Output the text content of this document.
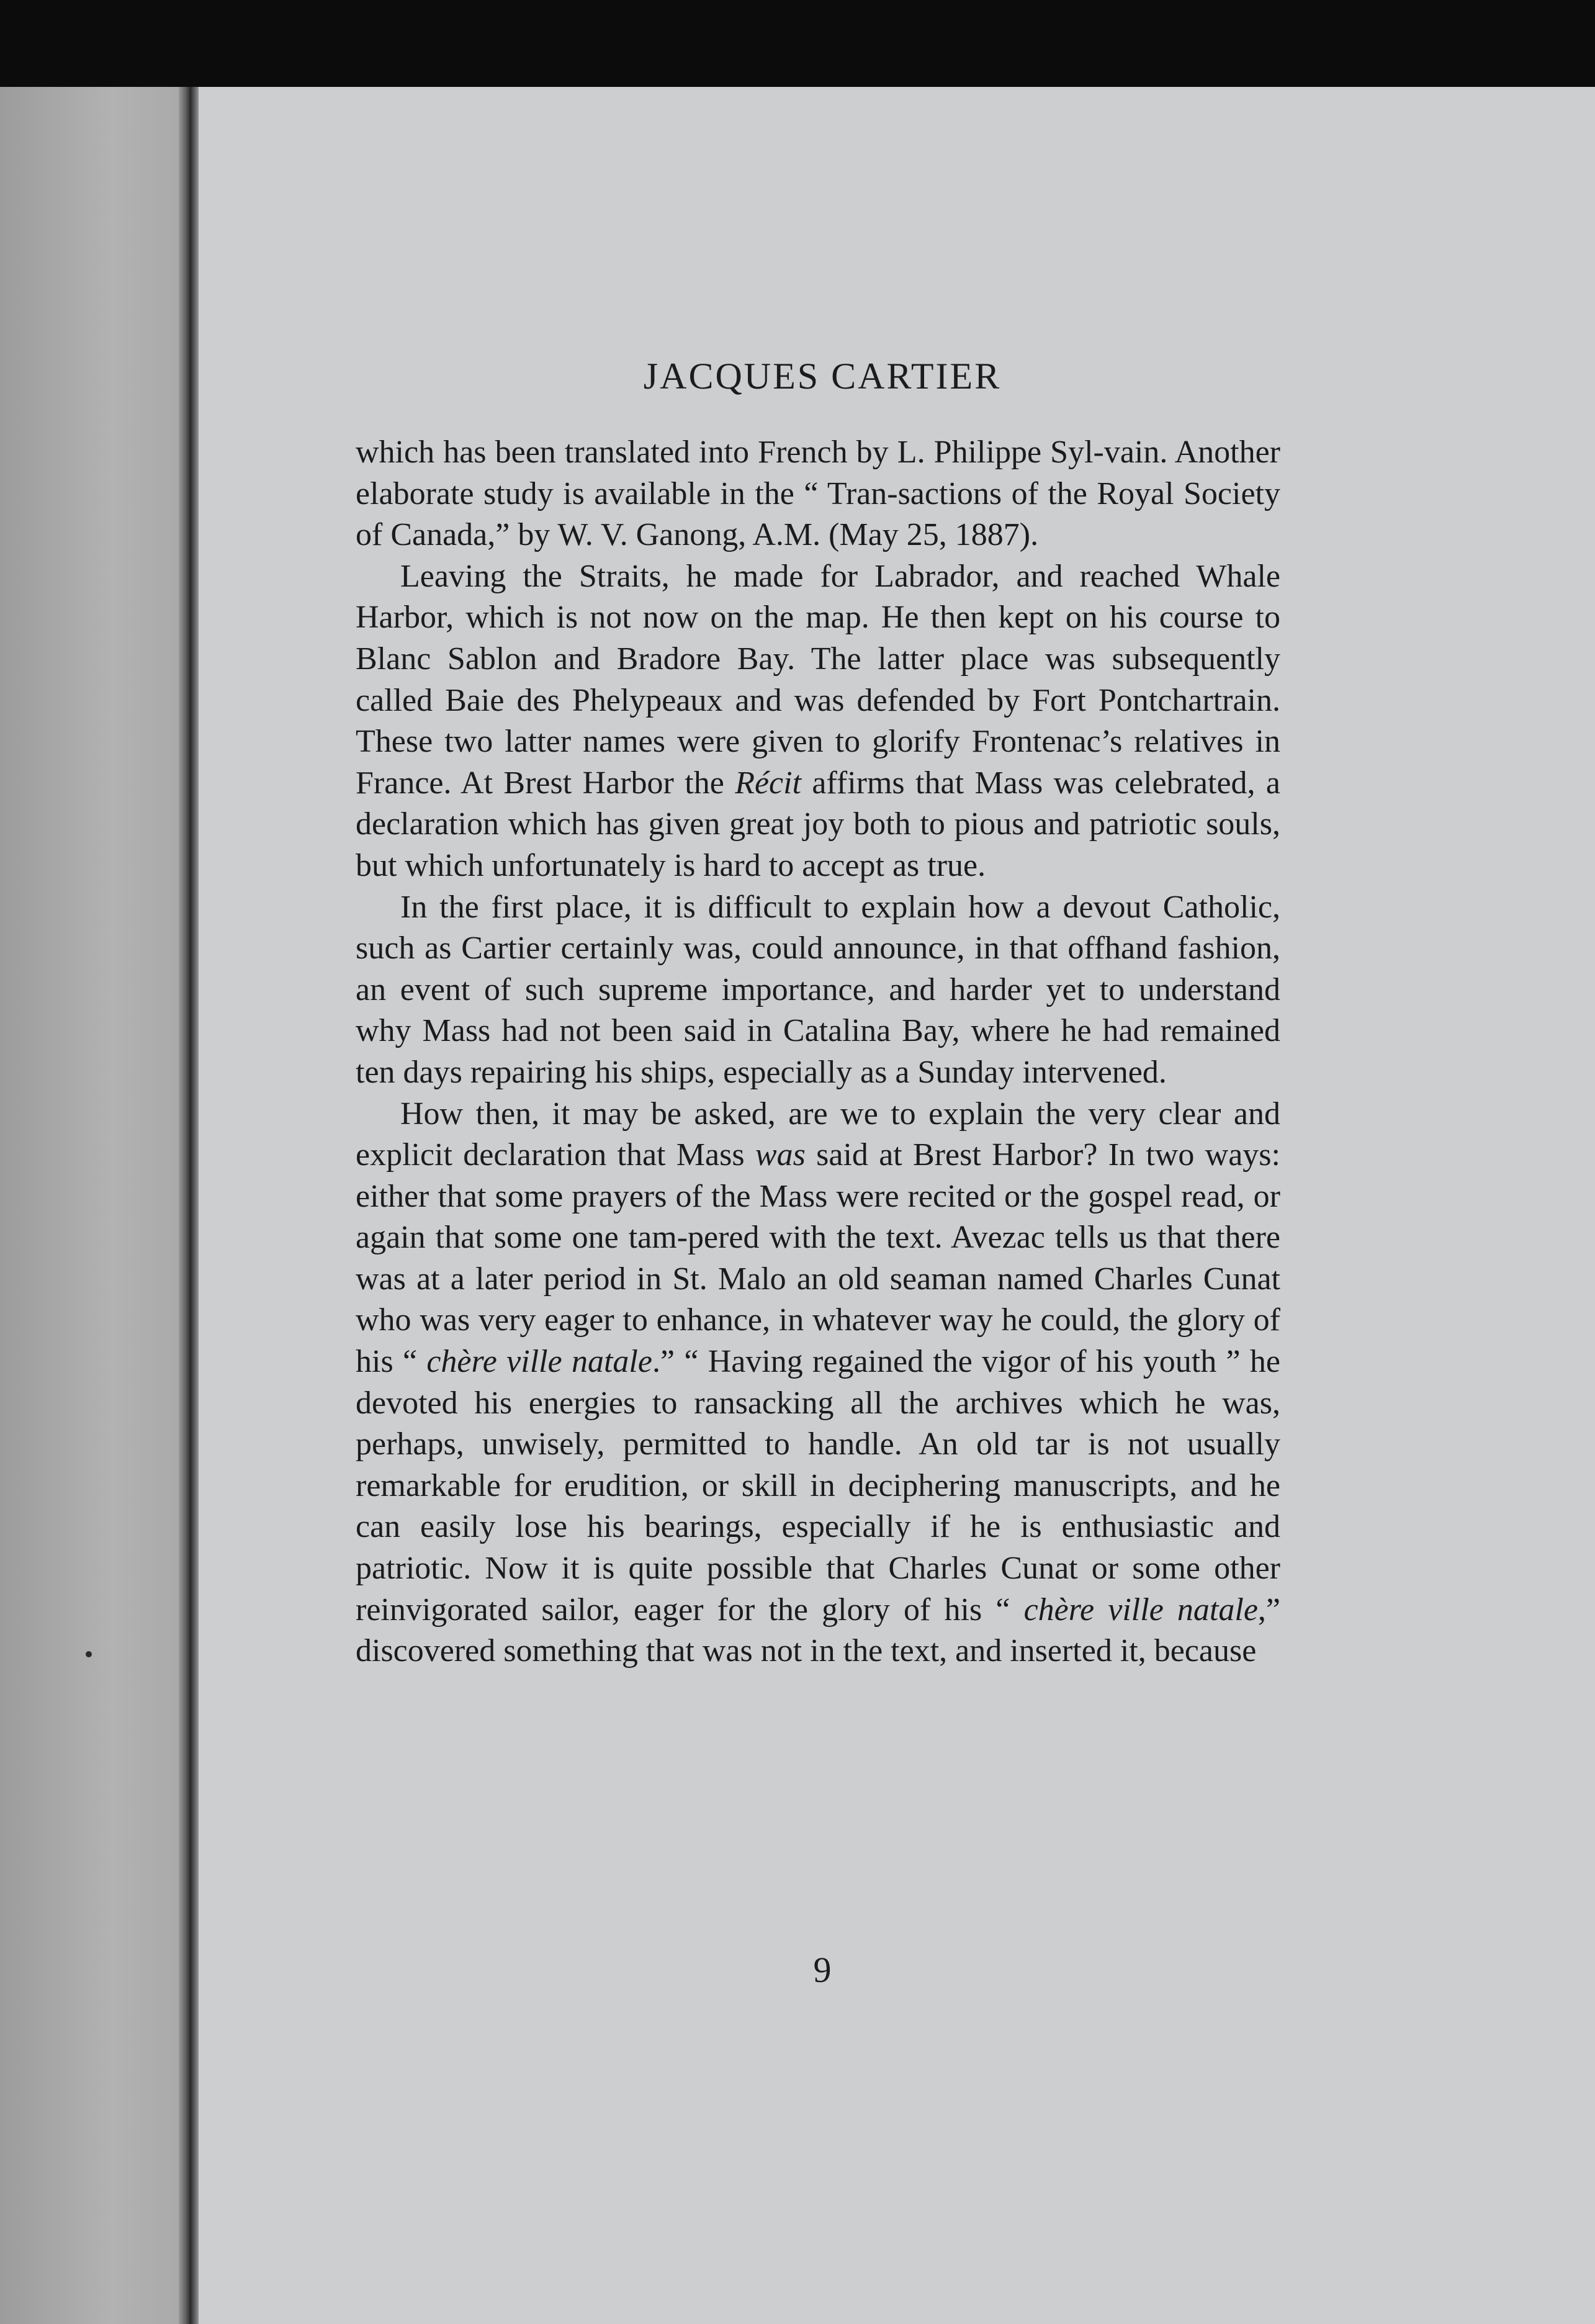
JACQUES CARTIER

which has been translated into French by L. Philippe Syl-vain. Another elaborate study is available in the “ Tran-sactions of the Royal Society of Canada,” by W. V. Ganong, A.M. (May 25, 1887).

Leaving the Straits, he made for Labrador, and reached Whale Harbor, which is not now on the map. He then kept on his course to Blanc Sablon and Bradore Bay. The latter place was subsequently called Baie des Phelypeaux and was defended by Fort Pontchartrain. These two latter names were given to glorify Frontenac’s relatives in France. At Brest Harbor the Récit affirms that Mass was celebrated, a declaration which has given great joy both to pious and patriotic souls, but which unfortunately is hard to accept as true.

In the first place, it is difficult to explain how a devout Catholic, such as Cartier certainly was, could announce, in that offhand fashion, an event of such supreme importance, and harder yet to understand why Mass had not been said in Catalina Bay, where he had remained ten days repairing his ships, especially as a Sunday intervened.

How then, it may be asked, are we to explain the very clear and explicit declaration that Mass was said at Brest Harbor? In two ways: either that some prayers of the Mass were recited or the gospel read, or again that some one tam-pered with the text. Avezac tells us that there was at a later period in St. Malo an old seaman named Charles Cunat who was very eager to enhance, in whatever way he could, the glory of his “ chère ville natale.” “ Having regained the vigor of his youth ” he devoted his energies to ransacking all the archives which he was, perhaps, unwisely, permitted to handle. An old tar is not usually remarkable for erudition, or skill in deciphering manuscripts, and he can easily lose his bearings, especially if he is enthusiastic and patriotic. Now it is quite possible that Charles Cunat or some other reinvigorated sailor, eager for the glory of his “ chère ville natale,” discovered something that was not in the text, and inserted it, because

9
